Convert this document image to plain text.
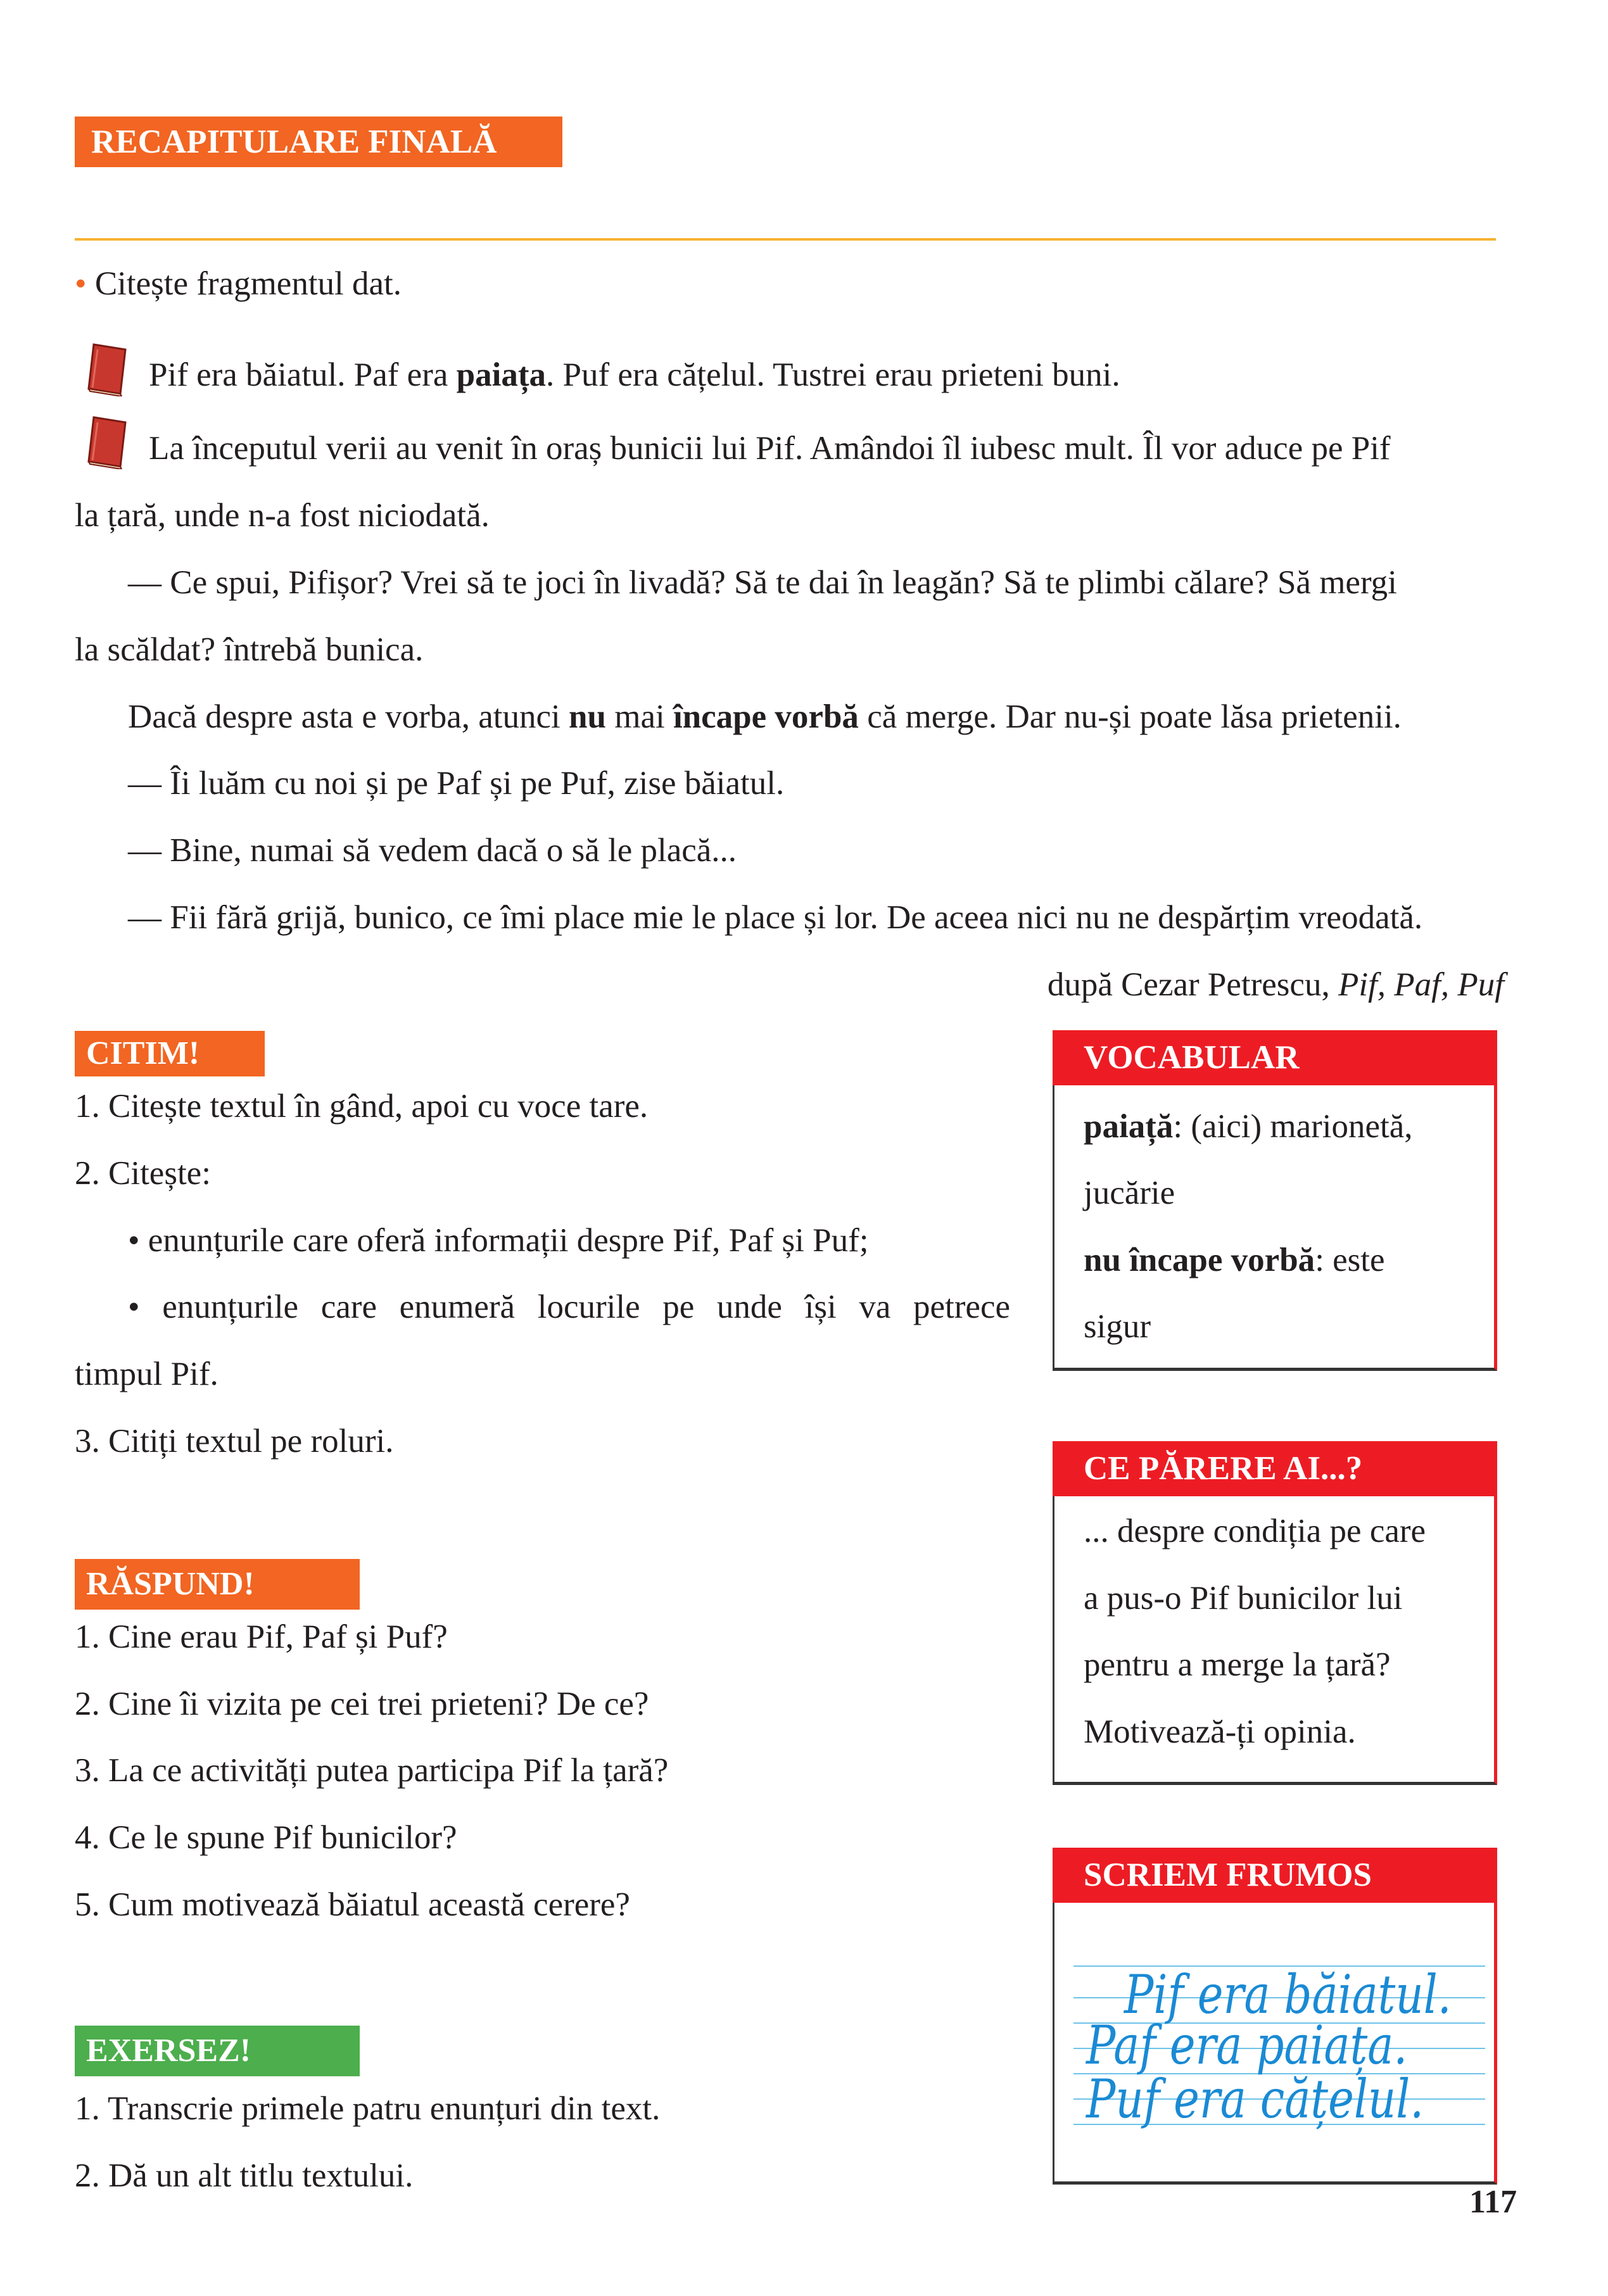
RECAPITULARE FINALĂ
• Citește fragmentul dat.
Pif era băiatul. Paf era paiața. Puf era cățelul. Tustrei erau prieteni buni.
La începutul verii au venit în oraș bunicii lui Pif. Amândoi îl iubesc mult. Îl vor aduce pe Pif
la țară, unde n-a fost niciodată.
— Ce spui, Pifișor? Vrei să te joci în livadă? Să te dai în leagăn? Să te plimbi călare? Să mergi
la scăldat? întrebă bunica.
Dacă despre asta e vorba, atunci nu mai încape vorbă că merge. Dar nu-și poate lăsa prietenii.
— Îi luăm cu noi și pe Paf și pe Puf, zise băiatul.
— Bine, numai să vedem dacă o să le placă...
— Fii fără grijă, bunico, ce îmi place mie le place și lor. De aceea nici nu ne despărțim vreodată.
după Cezar Petrescu, Pif, Paf, Puf
CITIM!
1. Citește textul în gând, apoi cu voce tare.
2. Citește:
• enunțurile care oferă informații despre Pif, Paf și Puf;
• enunțurile care enumeră locurile pe unde își va petrece
timpul Pif.
3. Citiți textul pe roluri.
RĂSPUND!
1. Cine erau Pif, Paf și Puf?
2. Cine îi vizita pe cei trei prieteni? De ce?
3. La ce activități putea participa Pif la țară?
4. Ce le spune Pif bunicilor?
5. Cum motivează băiatul această cerere?
EXERSEZ!
1. Transcrie primele patru enunțuri din text.
2. Dă un alt titlu textului.
VOCABULAR
paiață: (aici) marionetă,
jucărie
nu încape vorbă: este
sigur
CE PĂRERE AI...?
... despre condiția pe care
a pus-o Pif bunicilor lui
pentru a merge la țară?
Motivează-ți opinia.
SCRIEM FRUMOS
Pif era băiatul.
Paf era paiața.
Puf era cățelul.
117
